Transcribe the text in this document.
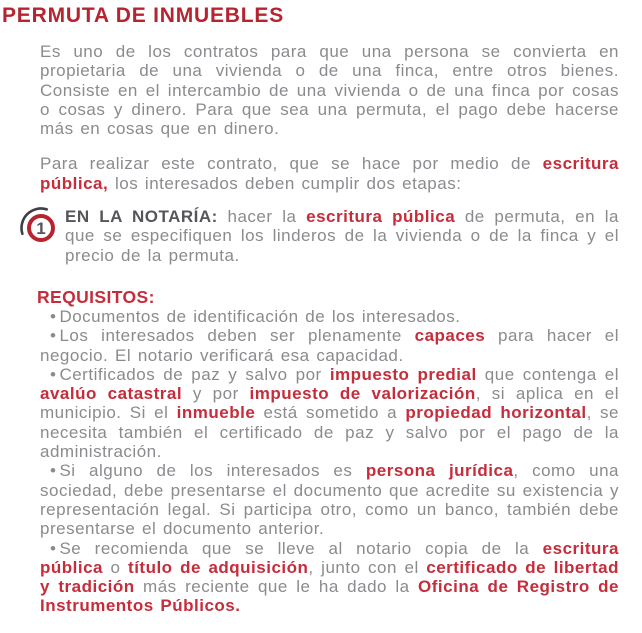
PERMUTA DE INMUEBLES

Es uno de los contratos para que una persona se convierta en propietaria de una vivienda o de una finca, entre otros bienes. Consiste en el intercambio de una vivienda o de una finca por cosas o cosas y dinero. Para que sea una permuta, el pago debe hacerse más en cosas que en dinero.

Para realizar este contrato, que se hace por medio de escritura pública, los interesados deben cumplir dos etapas:

1

EN LA NOTARÍA: hacer la escritura pública de permuta, en la que se especifiquen los linderos de la vivienda o de la finca y el precio de la permuta.

REQUISITOS:

• Documentos de identificación de los interesados.

• Los interesados deben ser plenamente capaces para hacer el negocio. El notario verificará esa capacidad.

• Certificados de paz y salvo por impuesto predial que contenga el avalúo catastral y por impuesto de valorización, si aplica en el municipio. Si el inmueble está sometido a propiedad horizontal, se necesita también el certificado de paz y salvo por el pago de la administración.

• Si alguno de los interesados es persona jurídica, como una sociedad, debe presentarse el documento que acredite su existencia y representación legal. Si participa otro, como un banco, también debe presentarse el documento anterior.

• Se recomienda que se lleve al notario copia de la escritura pública o título de adquisición, junto con el certificado de libertad y tradición más reciente que le ha dado la Oficina de Registro de Instrumentos Públicos.
